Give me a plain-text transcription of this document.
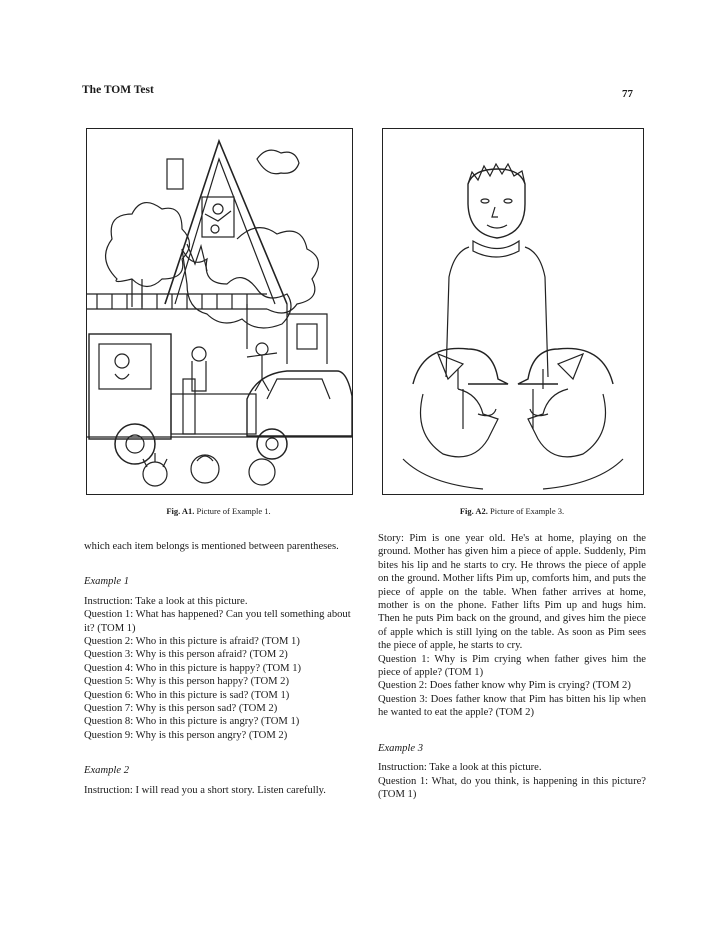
The TOM Test	77
Fig. A1. Picture of Example 1.	Fig. A2. Picture of Example 3.

which each item belongs is mentioned between parentheses.

Example 1

Instruction: Take a look at this picture.

Question 1: What has happened? Can you tell something about it? (TOM 1)

Question 2: Who in this picture is afraid? (TOM 1)

Question 3: Why is this person afraid? (TOM 2)

Question 4: Who in this picture is happy? (TOM 1)

Question 5: Why is this person happy? (TOM 2)

Question 6: Who in this picture is sad? (TOM 1)

Question 7: Why is this person sad? (TOM 2)

Question 8: Who in this picture is angry? (TOM 1)

Question 9: Why is this person angry? (TOM 2)

Example 2

Instruction: I will read you a short story. Listen carefully.

Story: Pim is one year old. He's at home, playing on the ground. Mother has given him a piece of apple. Suddenly, Pim bites his lip and he starts to cry. He throws the piece of apple on the ground. Mother lifts Pim up, comforts him, and puts the piece of apple on the table. When father arrives at home, mother is on the phone. Father lifts Pim up and hugs him. Then he puts Pim back on the ground, and gives him the piece of apple which is still lying on the table. As soon as Pim sees the piece of apple, he starts to cry.

Question 1: Why is Pim crying when father gives him the piece of apple? (TOM 1)

Question 2: Does father know why Pim is crying? (TOM 2)

Question 3: Does father know that Pim has bitten his lip when he wanted to eat the apple? (TOM 2)

Example 3

Instruction: Take a look at this picture.

Question 1: What, do you think, is happening in this picture? (TOM 1)
